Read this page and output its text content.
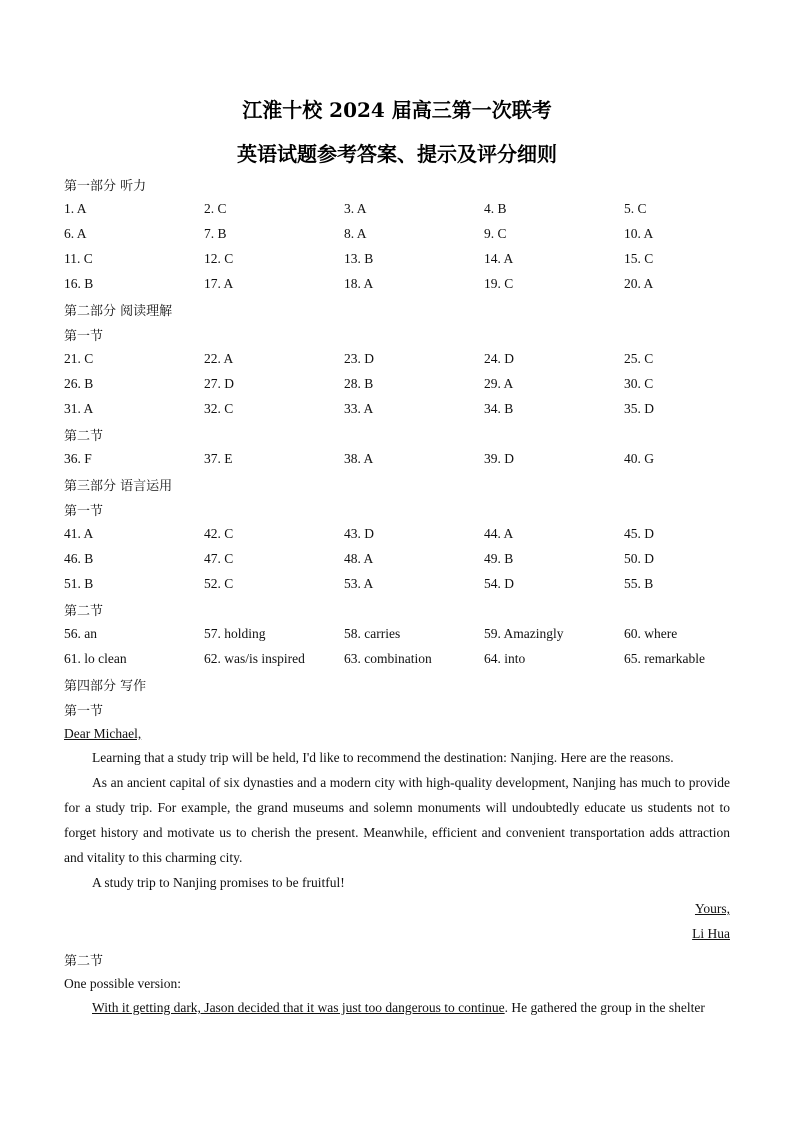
江淮十校 2024 届高三第一次联考
英语试题参考答案、提示及评分细则
第一部分 听力
1. A	2. C	3. A	4. B	5. C
6. A	7. B	8. A	9. C	10. A
11. C	12. C	13. B	14. A	15. C
16. B	17. A	18. A	19. C	20. A
第二部分 阅读理解
第一节
21. C	22. A	23. D	24. D	25. C
26. B	27. D	28. B	29. A	30. C
31. A	32. C	33. A	34. B	35. D
第二节
36. F	37. E	38. A	39. D	40. G
第三部分 语言运用
第一节
41. A	42. C	43. D	44. A	45. D
46. B	47. C	48. A	49. B	50. D
51. B	52. C	53. A	54. D	55. B
第二节
56. an	57. holding	58. carries	59. Amazingly	60. where
61. lo clean	62. was/is inspired	63. combination	64. into	65. remarkable
第四部分 写作
第一节
Dear Michael,
Learning that a study trip will be held, I'd like to recommend the destination: Nanjing. Here are the reasons.
As an ancient capital of six dynasties and a modern city with high-quality development, Nanjing has much to provide for a study trip. For example, the grand museums and solemn monuments will undoubtedly educate us students not to forget history and motivate us to cherish the present. Meanwhile, efficient and convenient transportation adds attraction and vitality to this charming city.
A study trip to Nanjing promises to be fruitful!
Yours,
Li Hua
第二节
One possible version:
With it getting dark, Jason decided that it was just too dangerous to continue. He gathered the group in the shelter
